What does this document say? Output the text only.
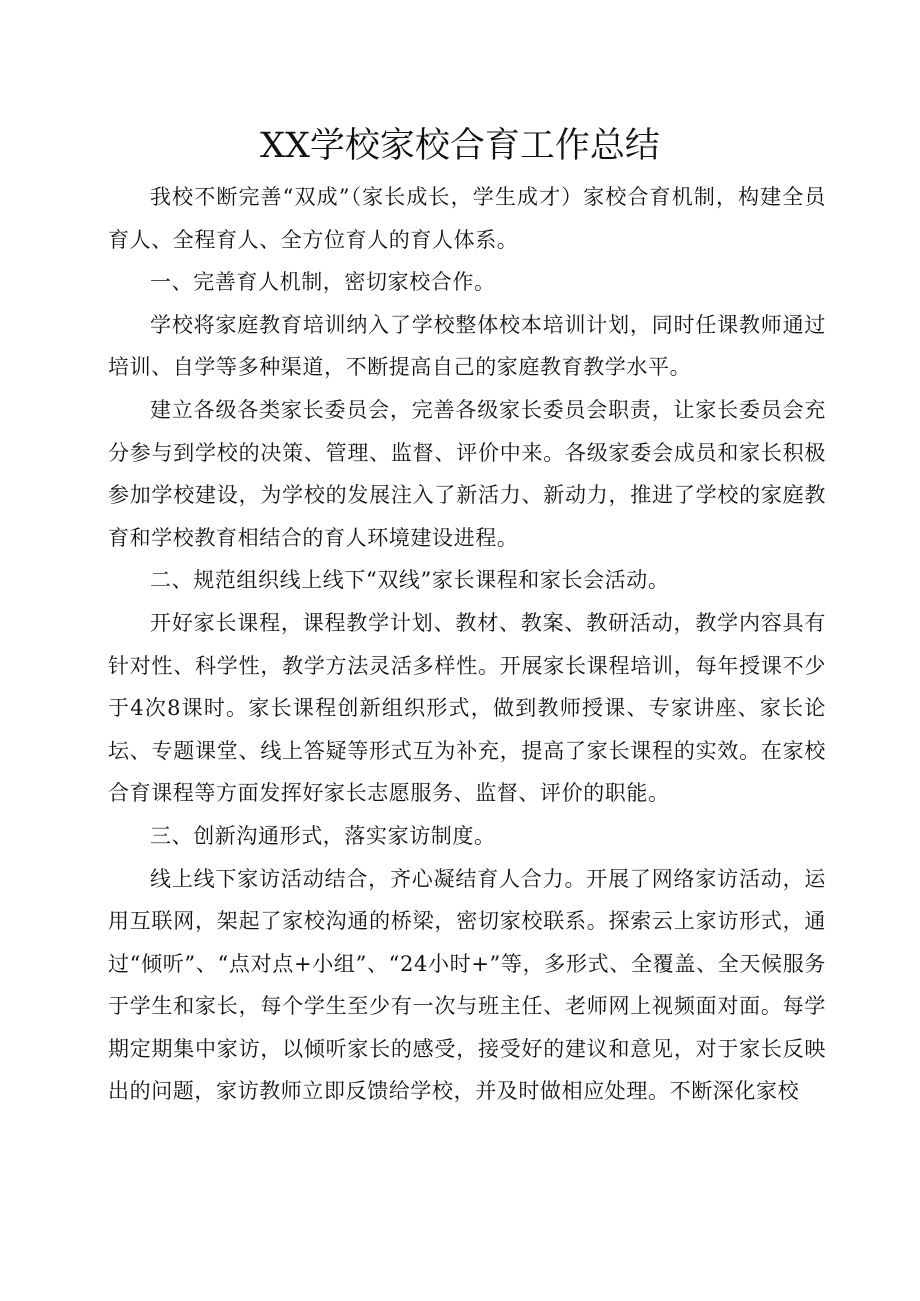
XX学校家校合育工作总结

我校不断完善“双成”（家长成长，学生成才）家校合育机制，构建全员育人、全程育人、全方位育人的育人体系。

一、完善育人机制，密切家校合作。

学校将家庭教育培训纳入了学校整体校本培训计划，同时任课教师通过培训、自学等多种渠道，不断提高自己的家庭教育教学水平。

建立各级各类家长委员会，完善各级家长委员会职责，让家长委员会充分参与到学校的决策、管理、监督、评价中来。各级家委会成员和家长积极参加学校建设，为学校的发展注入了新活力、新动力，推进了学校的家庭教育和学校教育相结合的育人环境建设进程。

二、规范组织线上线下“双线”家长课程和家长会活动。

开好家长课程，课程教学计划、教材、教案、教研活动，教学内容具有针对性、科学性，教学方法灵活多样性。开展家长课程培训，每年授课不少于4次8课时。家长课程创新组织形式，做到教师授课、专家讲座、家长论坛、专题课堂、线上答疑等形式互为补充，提高了家长课程的实效。在家校合育课程等方面发挥好家长志愿服务、监督、评价的职能。

三、创新沟通形式，落实家访制度。

线上线下家访活动结合，齐心凝结育人合力。开展了网络家访活动，运用互联网，架起了家校沟通的桥梁，密切家校联系。探索云上家访形式，通过“倾听”、“点对点+小组”、“24小时+”等，多形式、全覆盖、全天候服务于学生和家长，每个学生至少有一次与班主任、老师网上视频面对面。每学期定期集中家访，以倾听家长的感受，接受好的建议和意见，对于家长反映出的问题，家访教师立即反馈给学校，并及时做相应处理。不断深化家校
